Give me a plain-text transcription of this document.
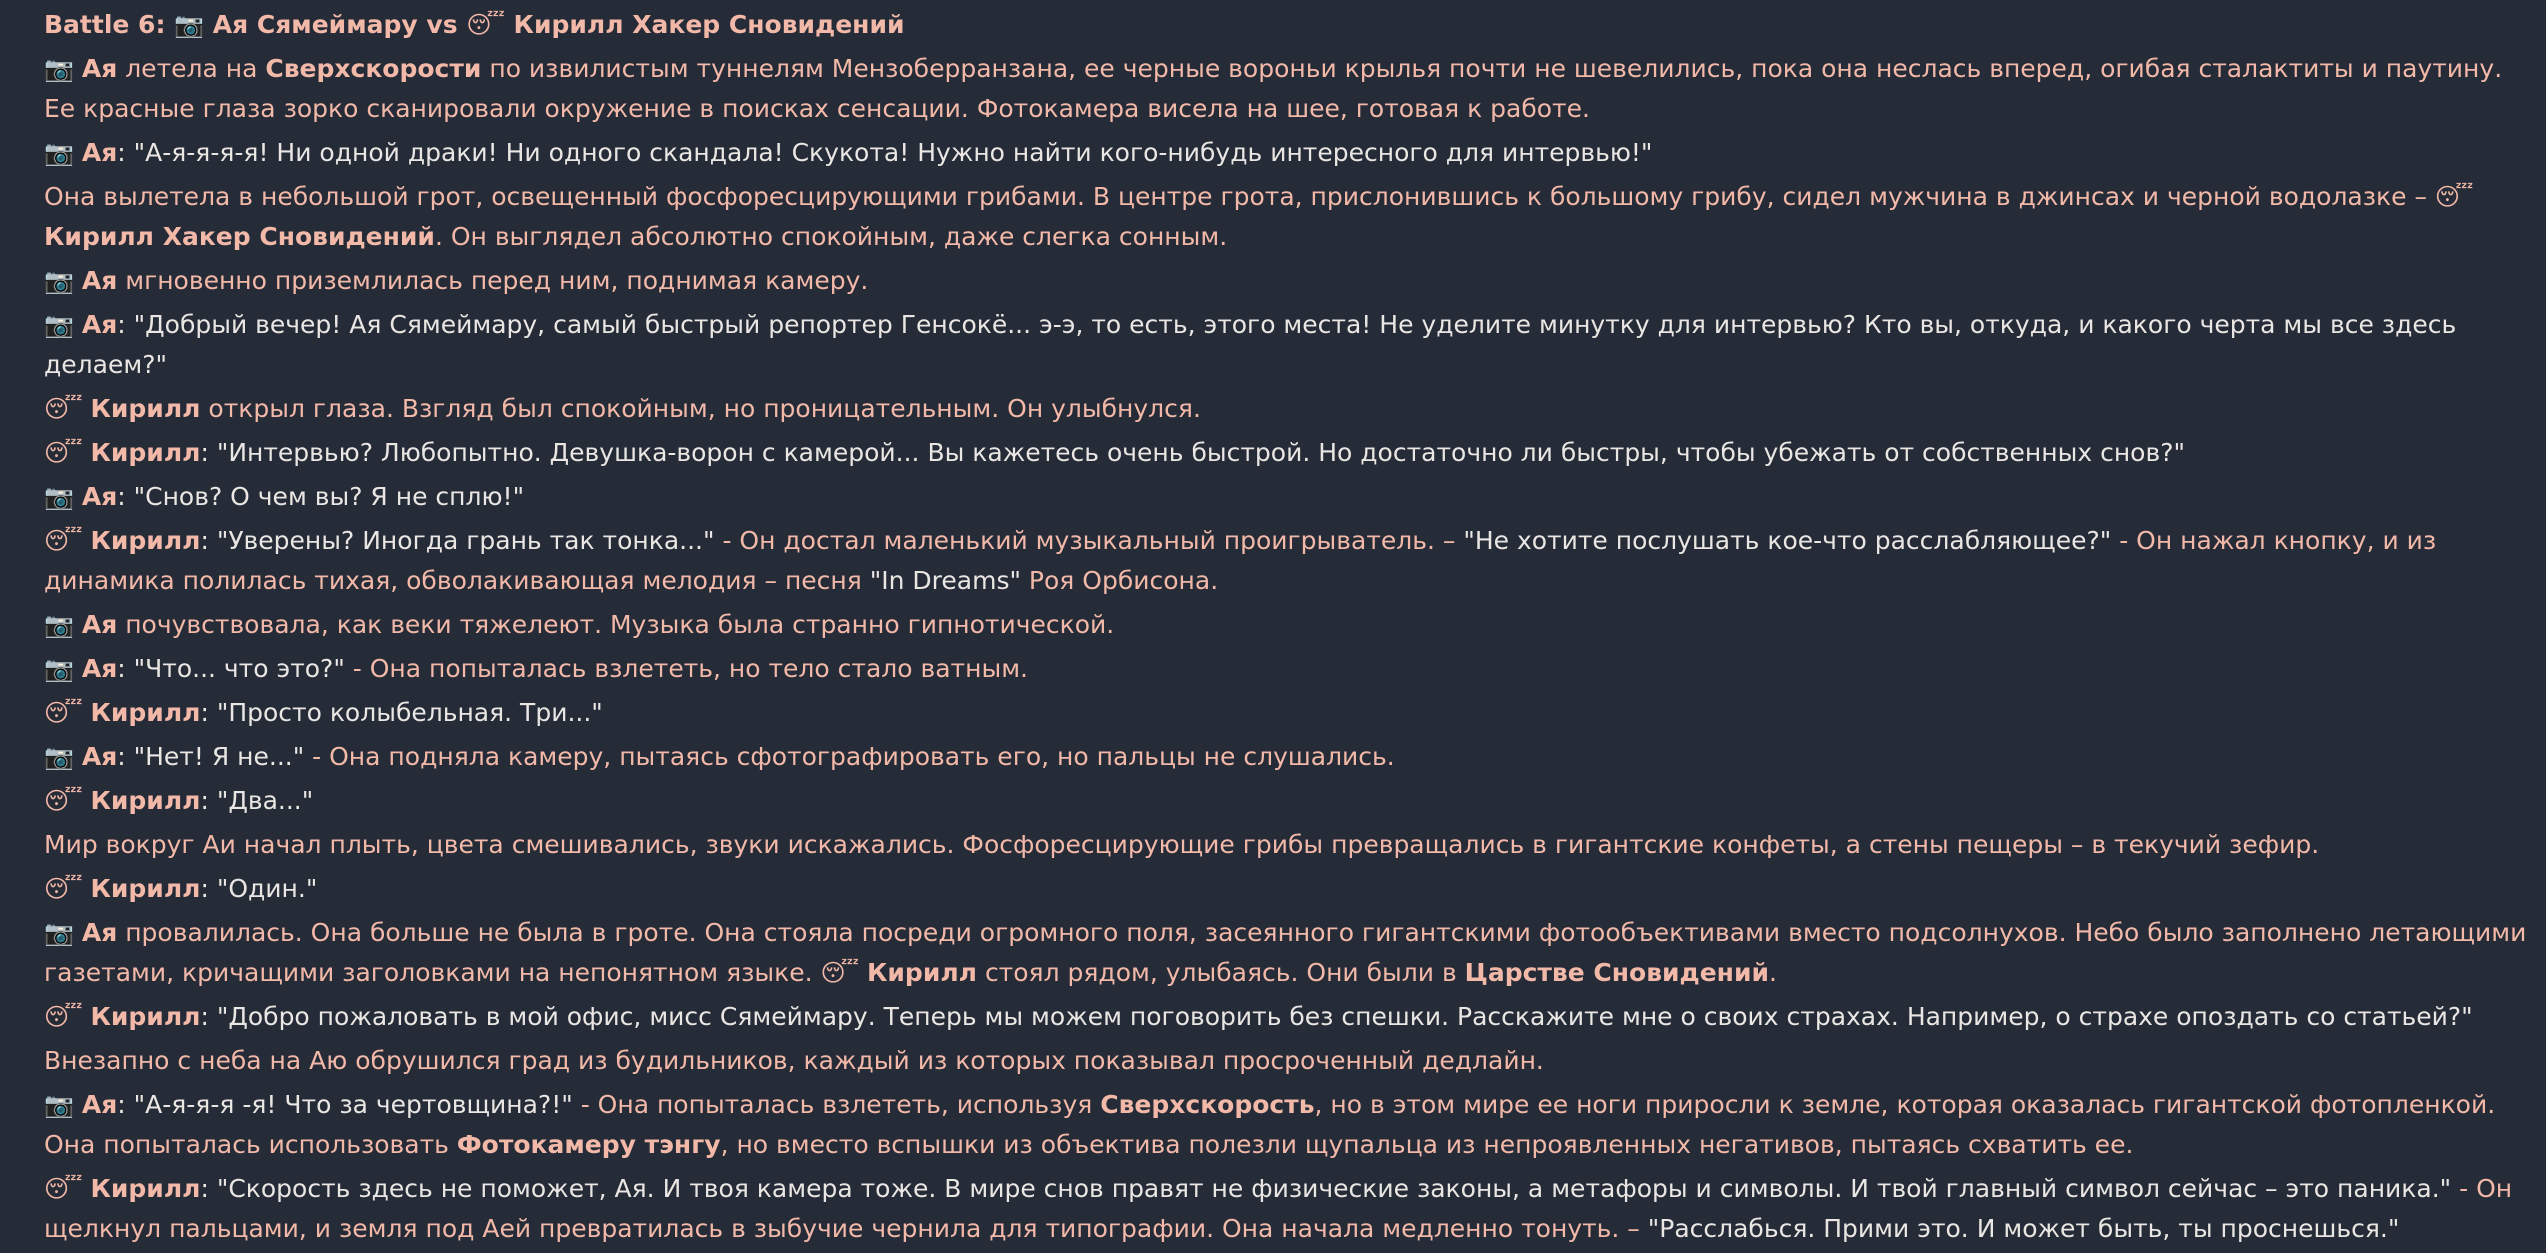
Battle 6: 📷 Ая Сямеймару vs 😴 Кирилл Хакер Сновидений
📷 Ая летела на Сверхскорости по извилистым туннелям Мензоберранзана, ее черные вороньи крылья почти не шевелились, пока она неслась вперед, огибая сталактиты и паутину. Ее красные глаза зорко сканировали окружение в поисках сенсации. Фотокамера висела на шее, готовая к работе.
📷 Ая: "А-я-я-я-я! Ни одной драки! Ни одного скандала! Скукота! Нужно найти кого-нибудь интересного для интервью!"
Она вылетела в небольшой грот, освещенный фосфоресцирующими грибами. В центре грота, прислонившись к большому грибу, сидел мужчина в джинсах и черной водолазке – 😴 Кирилл Хакер Сновидений. Он выглядел абсолютно спокойным, даже слегка сонным.
📷 Ая мгновенно приземлилась перед ним, поднимая камеру.
📷 Ая: "Добрый вечер! Ая Сямеймару, самый быстрый репортер Генсокё... э-э, то есть, этого места! Не уделите минутку для интервью? Кто вы, откуда, и какого черта мы все здесь делаем?"
😴 Кирилл открыл глаза. Взгляд был спокойным, но проницательным. Он улыбнулся.
😴 Кирилл: "Интервью? Любопытно. Девушка-ворон с камерой... Вы кажетесь очень быстрой. Но достаточно ли быстры, чтобы убежать от собственных снов?"
📷 Ая: "Снов? О чем вы? Я не сплю!"
😴 Кирилл: "Уверены? Иногда грань так тонка..." - Он достал маленький музыкальный проигрыватель. – "Не хотите послушать кое-что расслабляющее?" - Он нажал кнопку, и из динамика полилась тихая, обволакивающая мелодия – песня "In Dreams" Роя Орбисона.
📷 Ая почувствовала, как веки тяжелеют. Музыка была странно гипнотической.
📷 Ая: "Что... что это?" - Она попыталась взлететь, но тело стало ватным.
😴 Кирилл: "Просто колыбельная. Три..."
📷 Ая: "Нет! Я не..." - Она подняла камеру, пытаясь сфотографировать его, но пальцы не слушались.
😴 Кирилл: "Два..."
Мир вокруг Аи начал плыть, цвета смешивались, звуки искажались. Фосфоресцирующие грибы превращались в гигантские конфеты, а стены пещеры – в текучий зефир.
😴 Кирилл: "Один."
📷 Ая провалилась. Она больше не была в гроте. Она стояла посреди огромного поля, засеянного гигантскими фотообъективами вместо подсолнухов. Небо было заполнено летающими газетами, кричащими заголовками на непонятном языке. 😴 Кирилл стоял рядом, улыбаясь. Они были в Царстве Сновидений.
😴 Кирилл: "Добро пожаловать в мой офис, мисс Сямеймару. Теперь мы можем поговорить без спешки. Расскажите мне о своих страхах. Например, о страхе опоздать со статьей?"
Внезапно с неба на Аю обрушился град из будильников, каждый из которых показывал просроченный дедлайн.
📷 Ая: "А-я-я-я -я! Что за чертовщина?!" - Она попыталась взлететь, используя Сверхскорость, но в этом мире ее ноги приросли к земле, которая оказалась гигантской фотопленкой. Она попыталась использовать Фотокамеру тэнгу, но вместо вспышки из объектива полезли щупальца из непроявленных негативов, пытаясь схватить ее.
😴 Кирилл: "Скорость здесь не поможет, Ая. И твоя камера тоже. В мире снов правят не физические законы, а метафоры и символы. И твой главный символ сейчас – это паника." - Он щелкнул пальцами, и земля под Аей превратилась в зыбучие чернила для типографии. Она начала медленно тонуть. – "Расслабься. Прими это. И может быть, ты проснешься."
